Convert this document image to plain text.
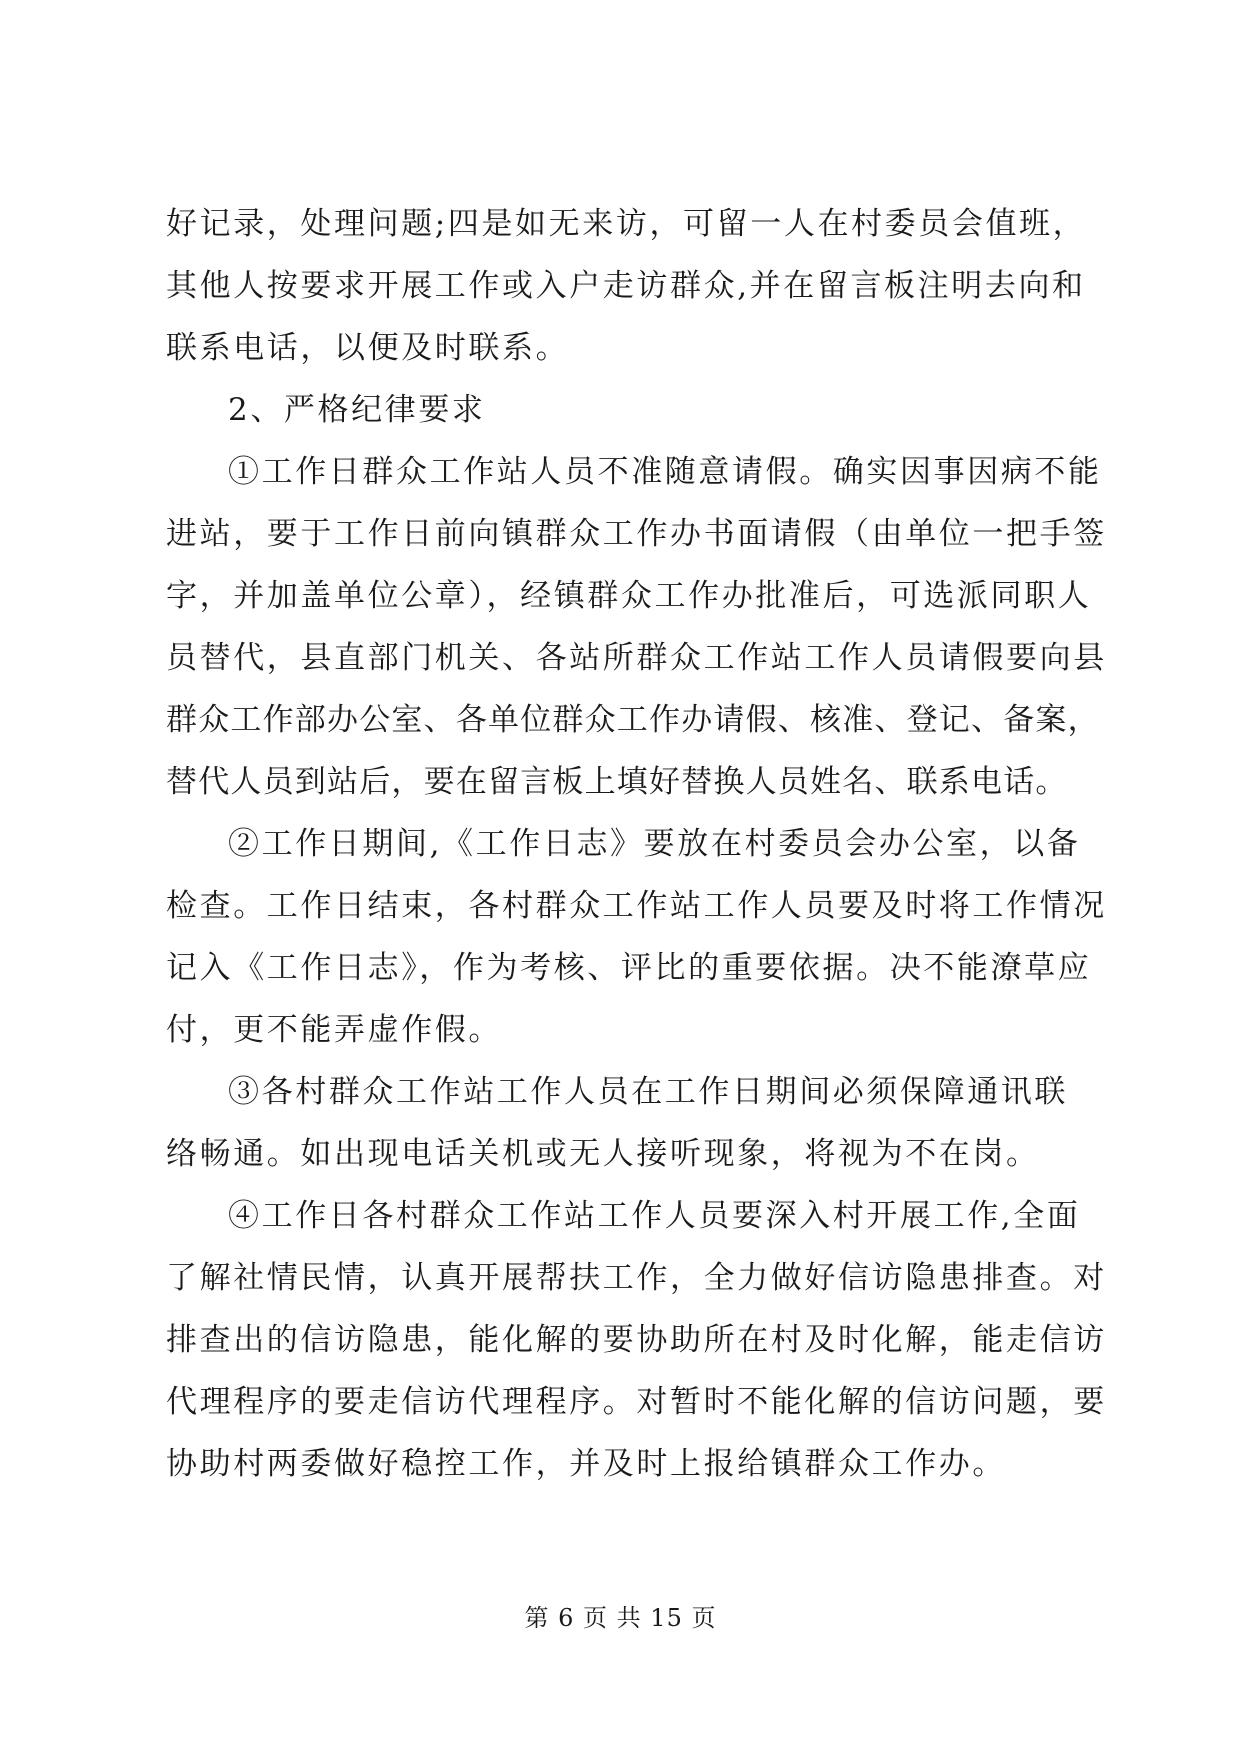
好记录，处理问题;四是如无来访，可留一人在村委员会值班，
其他人按要求开展工作或入户走访群众,并在留言板注明去向和
联系电话，以便及时联系。
2、严格纪律要求
①工作日群众工作站人员不准随意请假。确实因事因病不能
进站，要于工作日前向镇群众工作办书面请假（由单位一把手签
字，并加盖单位公章），经镇群众工作办批准后，可选派同职人
员替代，县直部门机关、各站所群众工作站工作人员请假要向县
群众工作部办公室、各单位群众工作办请假、核准、登记、备案，
替代人员到站后，要在留言板上填好替换人员姓名、联系电话。
②工作日期间,《工作日志》要放在村委员会办公室，以备
检查。工作日结束，各村群众工作站工作人员要及时将工作情况
记入《工作日志》，作为考核、评比的重要依据。决不能潦草应
付，更不能弄虚作假。
③各村群众工作站工作人员在工作日期间必须保障通讯联
络畅通。如出现电话关机或无人接听现象，将视为不在岗。
④工作日各村群众工作站工作人员要深入村开展工作,全面
了解社情民情，认真开展帮扶工作，全力做好信访隐患排查。对
排查出的信访隐患，能化解的要协助所在村及时化解，能走信访
代理程序的要走信访代理程序。对暂时不能化解的信访问题，要
协助村两委做好稳控工作，并及时上报给镇群众工作办。
第 6 页 共 15 页
